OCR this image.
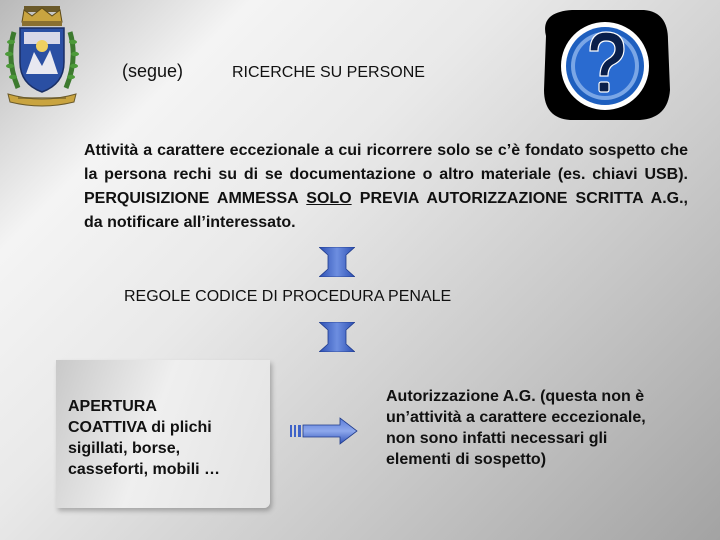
(segue)	RICERCHE SU PERSONE
Attività a carattere eccezionale a cui ricorrere solo se c’è fondato sospetto che la persona rechi su di se documentazione o altro materiale (es. chiavi USB). PERQUISIZIONE AMMESSA SOLO PREVIA AUTORIZZAZIONE SCRITTA A.G., da notificare all’interessato.
REGOLE CODICE DI PROCEDURA PENALE
APERTURA
COATTIVA di plichi
sigillati, borse,
casseforti, mobili …
Autorizzazione A.G. (questa non è
un’attività a carattere eccezionale,
non sono infatti necessari gli
elementi di sospetto)
